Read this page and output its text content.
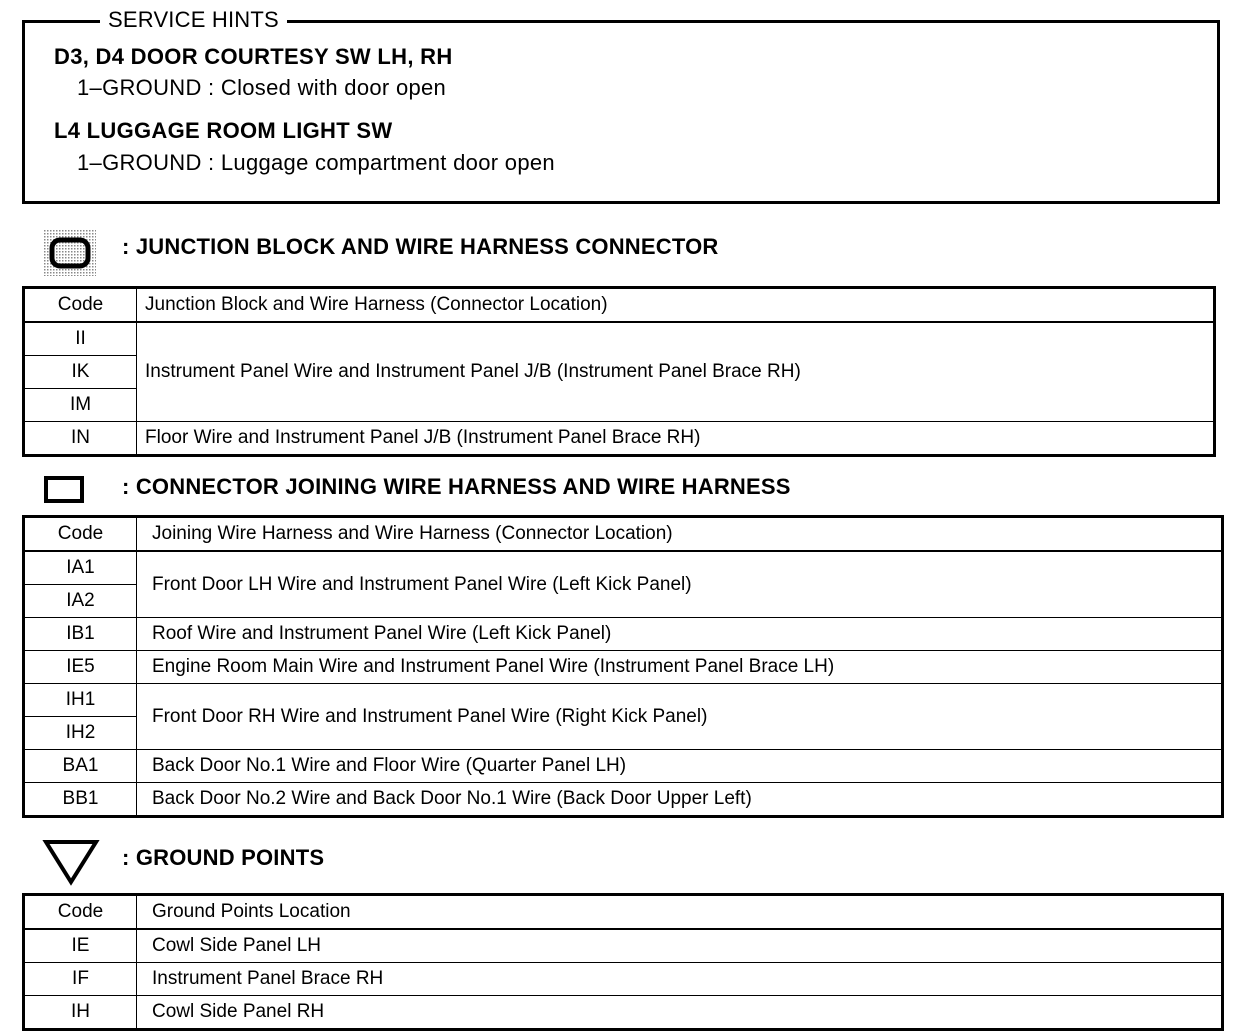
SERVICE HINTS
D3, D4 DOOR COURTESY SW LH, RH
1–GROUND : Closed with door open
L4 LUGGAGE ROOM LIGHT SW
1–GROUND : Luggage compartment door open
: JUNCTION BLOCK AND WIRE HARNESS CONNECTOR
Code	Junction Block and Wire Harness (Connector Location)
II	Instrument Panel Wire and Instrument Panel J/B (Instrument Panel Brace RH)
IK	
IM	
IN	Floor Wire and Instrument Panel J/B (Instrument Panel Brace RH)
: CONNECTOR JOINING WIRE HARNESS AND WIRE HARNESS
Code	Joining Wire Harness and Wire Harness (Connector Location)
IA1	Front Door LH Wire and Instrument Panel Wire (Left Kick Panel)
IA2	
IB1	Roof Wire and Instrument Panel Wire (Left Kick Panel)
IE5	Engine Room Main Wire and Instrument Panel Wire (Instrument Panel Brace LH)
IH1	Front Door RH Wire and Instrument Panel Wire (Right Kick Panel)
IH2	
BA1	Back Door No.1 Wire and Floor Wire (Quarter Panel LH)
BB1	Back Door No.2 Wire and Back Door No.1 Wire (Back Door Upper Left)
: GROUND POINTS
Code	Ground Points Location
IE	Cowl Side Panel LH
IF	Instrument Panel Brace RH
IH	Cowl Side Panel RH
